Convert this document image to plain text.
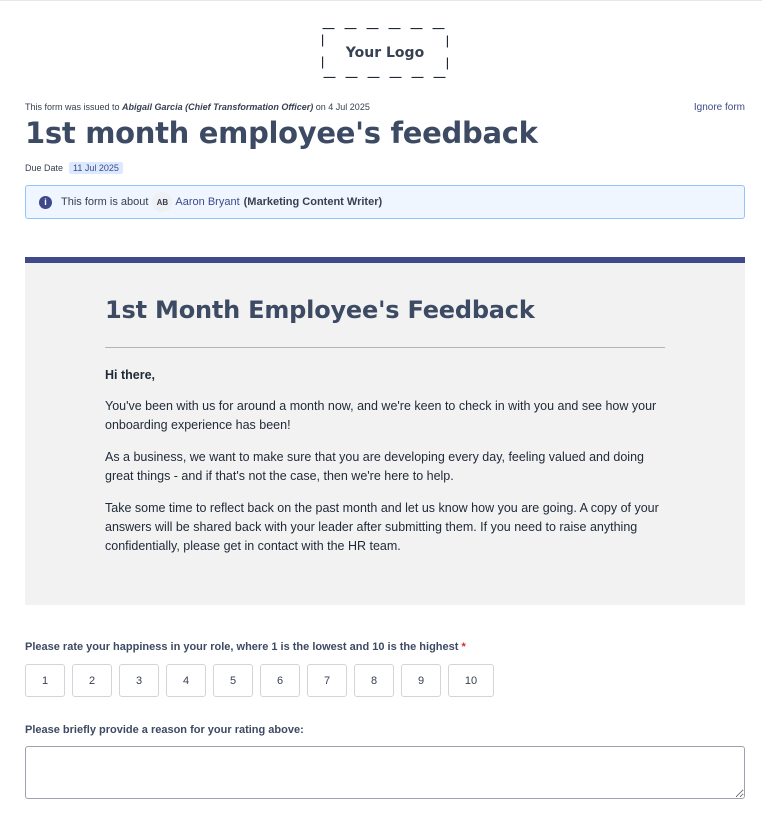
Your Logo
This form was issued to Abigail Garcia (Chief Transformation Officer) on 4 Jul 2025	Ignore form
1st month employee's feedback
Due Date	11 Jul 2025
i	This form is about	AB Aaron Bryant (Marketing Content Writer)
1st Month Employee's Feedback

Hi there,

You've been with us for around a month now, and we're keen to check in with you and see how your onboarding experience has been!

As a business, we want to make sure that you are developing every day, feeling valued and doing great things - and if that's not the case, then we're here to help.

Take some time to reflect back on the past month and let us know how you are going. A copy of your answers will be shared back with your leader after submitting them. If you need to raise anything confidentially, please get in contact with the HR team.

Please rate your happiness in your role, where 1 is the lowest and 10 is the highest *
1	2	3	4	5	6	7	8	9	10
Please briefly provide a reason for your rating above:
